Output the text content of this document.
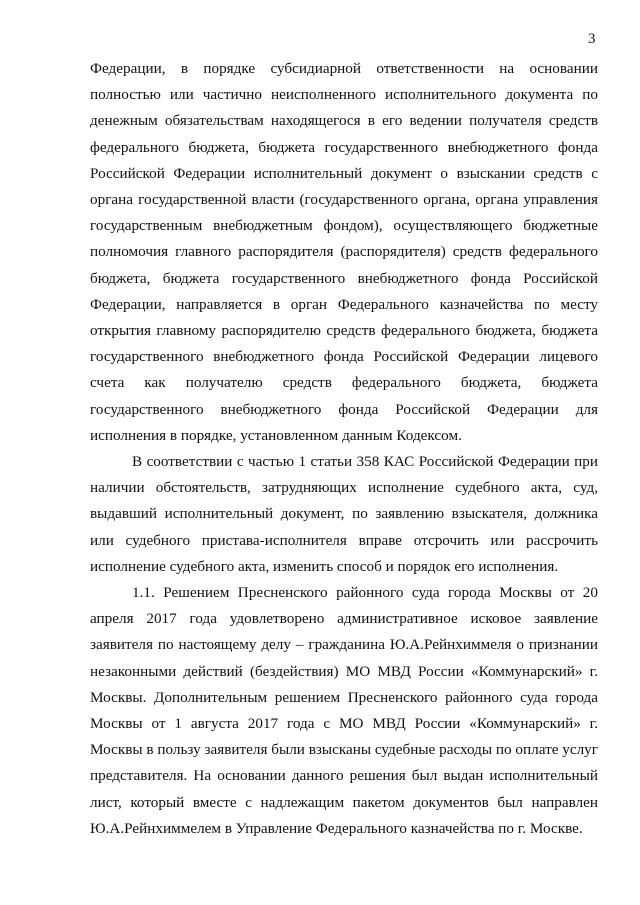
3

Федерации, в порядке субсидиарной ответственности на основании полностью или частично неисполненного исполнительного документа по денежным обязательствам находящегося в его ведении получателя средств федерального бюджета, бюджета государственного внебюджетного фонда Российской Федерации исполнительный документ о взыскании средств с органа государственной власти (государственного органа, органа управления государственным внебюджетным фондом), осуществляющего бюджетные полномочия главного распорядителя (распорядителя) средств федерального бюджета, бюджета государственного внебюджетного фонда Российской Федерации, направляется в орган Федерального казначейства по месту открытия главному распорядителю средств федерального бюджета, бюджета государственного внебюджетного фонда Российской Федерации лицевого счета как получателю средств федерального бюджета, бюджета государственного внебюджетного фонда Российской Федерации для исполнения в порядке, установленном данным Кодексом.

В соответствии с частью 1 статьи 358 КАС Российской Федерации при наличии обстоятельств, затрудняющих исполнение судебного акта, суд, выдавший исполнительный документ, по заявлению взыскателя, должника или судебного пристава-исполнителя вправе отсрочить или рассрочить исполнение судебного акта, изменить способ и порядок его исполнения.

1.1. Решением Пресненского районного суда города Москвы от 20 апреля 2017 года удовлетворено административное исковое заявление заявителя по настоящему делу – гражданина Ю.А.Рейнхиммеля о признании незаконными действий (бездействия) МО МВД России «Коммунарский» г. Москвы. Дополнительным решением Пресненского районного суда города Москвы от 1 августа 2017 года с МО МВД России «Коммунарский» г. Москвы в пользу заявителя были взысканы судебные расходы по оплате услуг представителя. На основании данного решения был выдан исполнительный лист, который вместе с надлежащим пакетом документов был направлен Ю.А.Рейнхиммелем в Управление Федерального казначейства по г. Москве.
